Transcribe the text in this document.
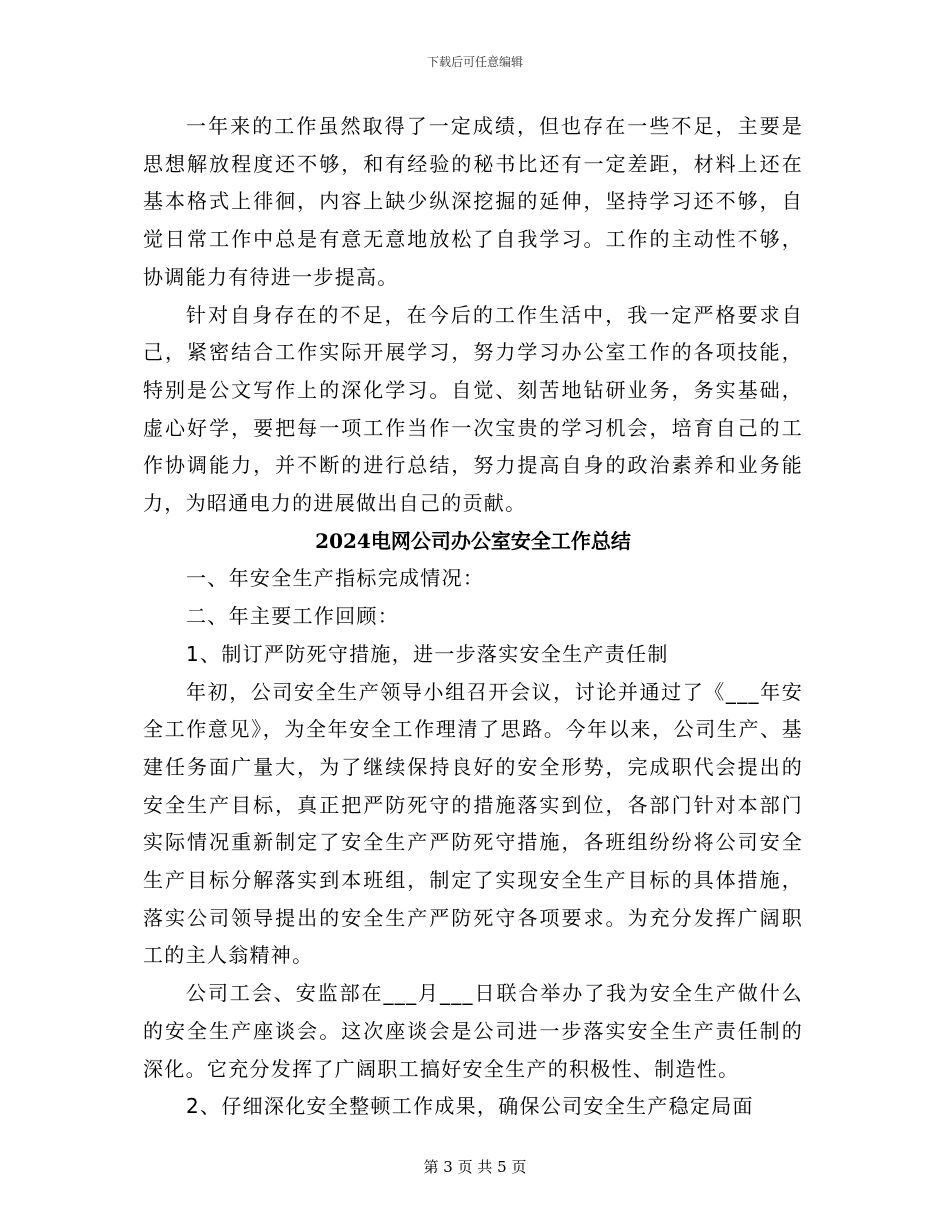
下载后可任意编辑

一年来的工作虽然取得了一定成绩，但也存在一些不足，主要是思想解放程度还不够，和有经验的秘书比还有一定差距，材料上还在基本格式上徘徊，内容上缺少纵深挖掘的延伸，坚持学习还不够，自觉日常工作中总是有意无意地放松了自我学习。工作的主动性不够，协调能力有待进一步提高。

针对自身存在的不足，在今后的工作生活中，我一定严格要求自己，紧密结合工作实际开展学习，努力学习办公室工作的各项技能，特别是公文写作上的深化学习。自觉、刻苦地钻研业务，务实基础，虚心好学，要把每一项工作当作一次宝贵的学习机会，培育自己的工作协调能力，并不断的进行总结，努力提高自身的政治素养和业务能力，为昭通电力的进展做出自己的贡献。

2024电网公司办公室安全工作总结

一、年安全生产指标完成情况：

二、年主要工作回顾：

1、制订严防死守措施，进一步落实安全生产责任制

年初，公司安全生产领导小组召开会议，讨论并通过了《___年安全工作意见》，为全年安全工作理清了思路。今年以来，公司生产、基建任务面广量大，为了继续保持良好的安全形势，完成职代会提出的安全生产目标，真正把严防死守的措施落实到位，各部门针对本部门实际情况重新制定了安全生产严防死守措施，各班组纷纷将公司安全生产目标分解落实到本班组，制定了实现安全生产目标的具体措施，落实公司领导提出的安全生产严防死守各项要求。为充分发挥广阔职工的主人翁精神。

公司工会、安监部在___月___日联合举办了我为安全生产做什么的安全生产座谈会。这次座谈会是公司进一步落实安全生产责任制的深化。它充分发挥了广阔职工搞好安全生产的积极性、制造性。

2、仔细深化安全整顿工作成果，确保公司安全生产稳定局面

第 3 页 共 5 页
